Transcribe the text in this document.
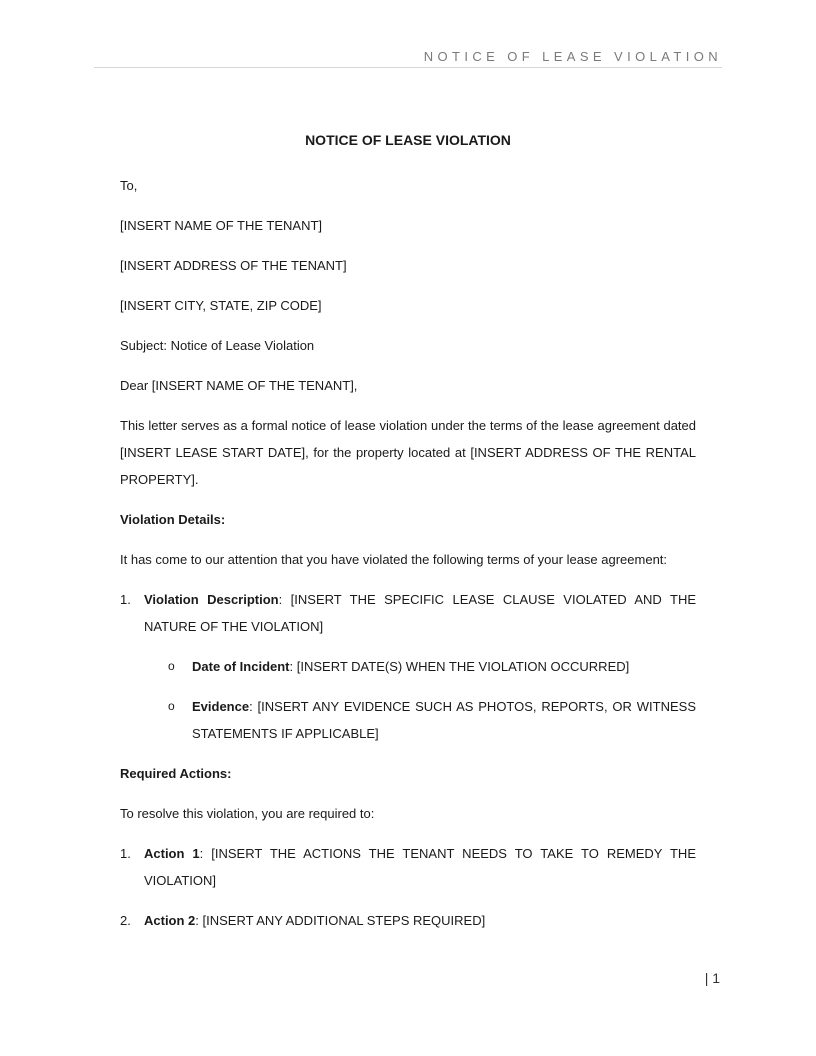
NOTICE OF LEASE VIOLATION
NOTICE OF LEASE VIOLATION
To,
[INSERT NAME OF THE TENANT]
[INSERT ADDRESS OF THE TENANT]
[INSERT CITY, STATE, ZIP CODE]
Subject: Notice of Lease Violation
Dear [INSERT NAME OF THE TENANT],
This letter serves as a formal notice of lease violation under the terms of the lease agreement dated [INSERT LEASE START DATE], for the property located at [INSERT ADDRESS OF THE RENTAL PROPERTY].
Violation Details:
It has come to our attention that you have violated the following terms of your lease agreement:
1. Violation Description: [INSERT THE SPECIFIC LEASE CLAUSE VIOLATED AND THE NATURE OF THE VIOLATION]
o Date of Incident: [INSERT DATE(S) WHEN THE VIOLATION OCCURRED]
o Evidence: [INSERT ANY EVIDENCE SUCH AS PHOTOS, REPORTS, OR WITNESS STATEMENTS IF APPLICABLE]
Required Actions:
To resolve this violation, you are required to:
1. Action 1: [INSERT THE ACTIONS THE TENANT NEEDS TO TAKE TO REMEDY THE VIOLATION]
2. Action 2: [INSERT ANY ADDITIONAL STEPS REQUIRED]
| 1
